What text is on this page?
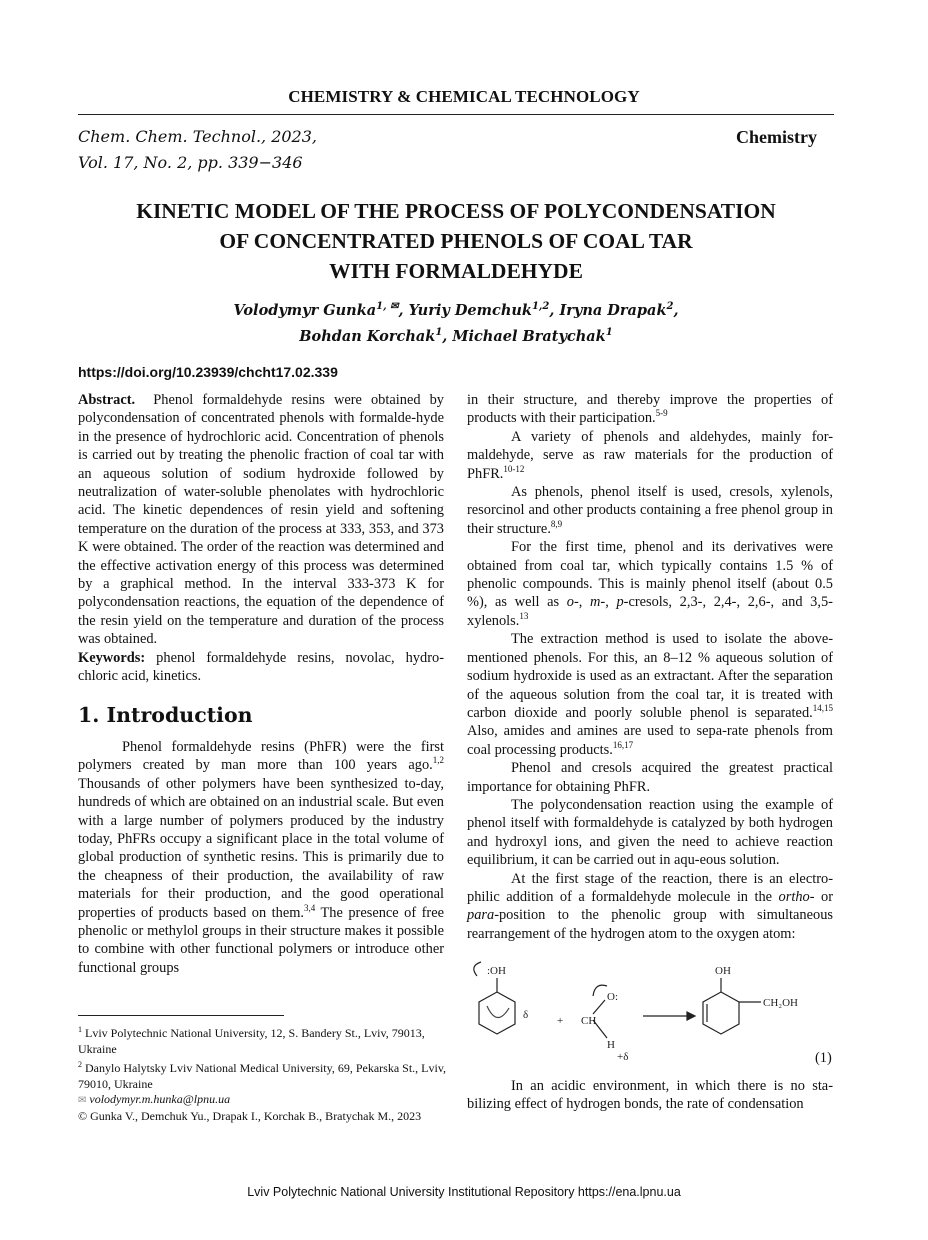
CHEMISTRY & CHEMICAL TECHNOLOGY
Chem. Chem. Technol., 2023,
Vol. 17, No. 2, pp. 339−346
Chemistry
KINETIC MODEL OF THE PROCESS OF POLYCONDENSATION
OF CONCENTRATED PHENOLS OF COAL TAR
WITH FORMALDEHYDE
Volodymyr Gunka$^{1, ✉}$, Yuriy Demchuk$^{1,2}$, Iryna Drapak$^2$,
Bohdan Korchak$^1$, Michael Bratychak$^1$
https://doi.org/10.23939/chcht17.02.339

Abstract. Phenol formaldehyde resins were obtained by polycondensation of concentrated phenols with formalde-hyde in the presence of hydrochloric acid. Concentration of phenols is carried out by treating the phenolic fraction of coal tar with an aqueous solution of sodium hydroxide followed by neutralization of water-soluble phenolates with hydrochloric acid. The kinetic dependences of resin yield and softening temperature on the duration of the process at 333, 353, and 373 K were obtained. The order of the reaction was determined and the effective activation energy of this process was determined by a graphical method. In the interval 333-373 K for polycondensation reactions, the equation of the dependence of the resin yield on the temperature and duration of the process was obtained.

Keywords: phenol formaldehyde resins, novolac, hydro-chloric acid, kinetics.

1. Introduction

Phenol formaldehyde resins (PhFR) were the first polymers created by man more than 100 years ago.$^{1,2}$ Thousands of other polymers have been synthesized to-day, hundreds of which are obtained on an industrial scale. But even with a large number of polymers produced by the industry today, PhFRs occupy a significant place in the total volume of global production of synthetic resins. This is primarily due to the cheapness of their production, the availability of raw materials for their production, and the good operational properties of products based on them.$^{3,4}$ The presence of free phenolic or methylol groups in their structure makes it possible to combine with other functional polymers or introduce other functional groups

in their structure, and thereby improve the properties of products with their participation.$^{5-9}$

A variety of phenols and aldehydes, mainly for-maldehyde, serve as raw materials for the production of PhFR.$^{10-12}$

As phenols, phenol itself is used, cresols, xylenols, resorcinol and other products containing a free phenol group in their structure.$^{8,9}$

For the first time, phenol and its derivatives were obtained from coal tar, which typically contains 1.5 % of phenolic compounds. This is mainly phenol itself (about 0.5 %), as well as o-, m-, p-cresols, 2,3-, 2,4-, 2,6-, and 3,5-xylenols.$^{13}$

The extraction method is used to isolate the above-mentioned phenols. For this, an 8–12 % aqueous solution of sodium hydroxide is used as an extractant. After the separation of the aqueous solution from the coal tar, it is treated with carbon dioxide and poorly soluble phenol is separated.$^{14,15}$ Also, amides and amines are used to sepa-rate phenols from coal processing products.$^{16,17}$

Phenol and cresols acquired the greatest practical importance for obtaining PhFR.

The polycondensation reaction using the example of phenol itself with formaldehyde is catalyzed by both hydrogen and hydroxyl ions, and given the need to achieve reaction equilibrium, it can be carried out in aqu-eous solution.

At the first stage of the reaction, there is an electro-philic addition of a formaldehyde molecule in the ortho- or para-position to the phenolic group with simultaneous rearrangement of the hydrogen atom to the oxygen atom:

:OH
δ	+
O:
CH
H
+δ
OH
CH₂OH
(1)

In an acidic environment, in which there is no sta-bilizing effect of hydrogen bonds, the rate of condensation

$^1$ Lviv Polytechnic National University, 12, S. Bandery St., Lviv, 79013, Ukraine

$^2$ Danylo Halytsky Lviv National Medical University, 69, Pekarska St., Lviv, 79010, Ukraine

✉ volodymyr.m.hunka@lpnu.ua

© Gunka V., Demchuk Yu., Drapak I., Korchak B., Bratychak M., 2023

Lviv Polytechnic National University Institutional Repository https://ena.lpnu.ua
